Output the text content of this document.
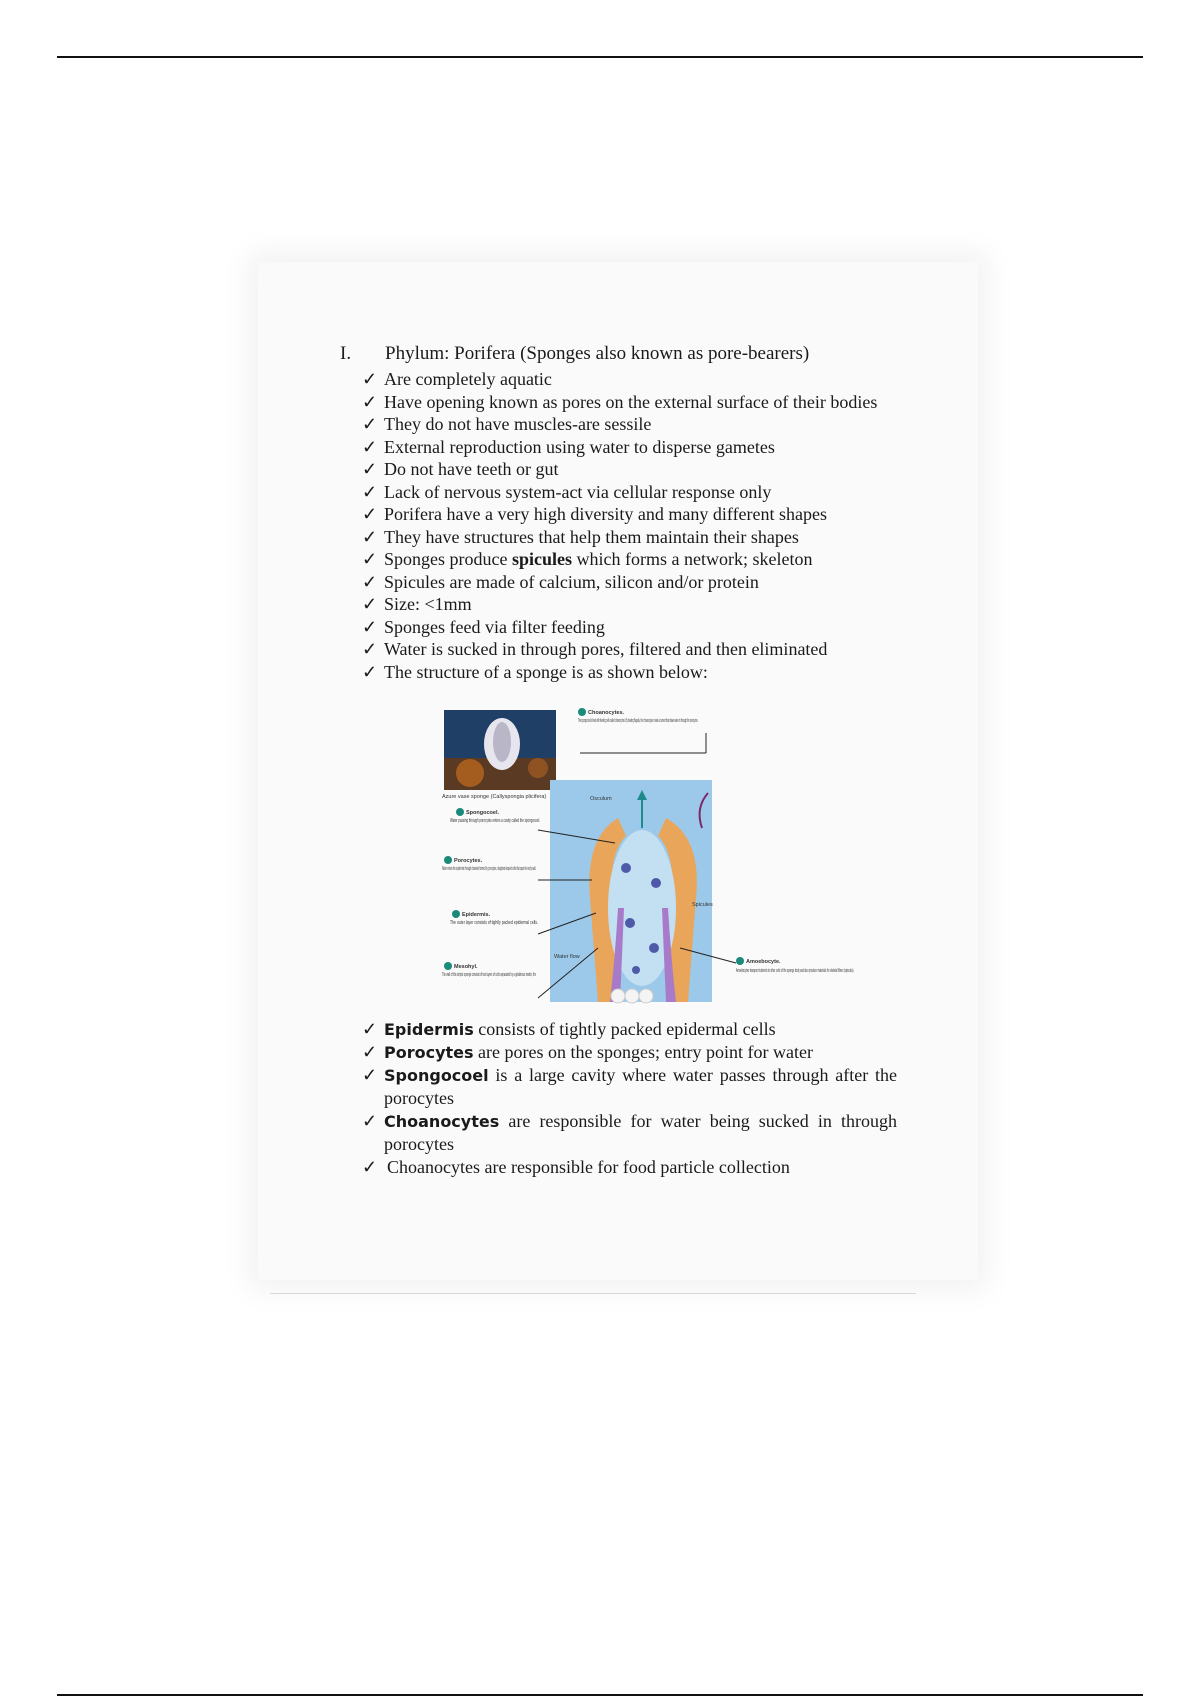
I. Phylum: Porifera (Sponges also known as pore-bearers)
✓ Are completely aquatic
✓ Have opening known as pores on the external surface of their bodies
✓ They do not have muscles-are sessile
✓ External reproduction using water to disperse gametes
✓ Do not have teeth or gut
✓ Lack of nervous system-act via cellular response only
✓ Porifera have a very high diversity and many different shapes
✓ They have structures that help them maintain their shapes
✓ Sponges produce spicules which forms a network; skeleton
✓ Spicules are made of calcium, silicon and/or protein
✓ Size: <1mm
✓ Sponges feed via filter feeding
✓ Water is sucked in through pores, filtered and then eliminated
✓ The structure of a sponge is as shown below:
Azure vase sponge (Callyspongia plicifera)	Osculum
Spicules
Water flow
Choanocytes.
The spongocoel is lined with feeding cells called choanocytes. By beating flagella, the choanocytes create a current that draws water in through the porocytes.
Spongocoel.
Water passing through porocytes enters a cavity called the spongocoel.
Porocytes.
Water enters the epidermis through channels formed by porocytes, doughnut-shaped cells that span the body wall.
Epidermis.
The outer layer consists of tightly packed epidermal cells.
Mesohyl.
The wall of this simple sponge consists of two layers of cells separated by a gelatinous matrix, the
Amoebocyte.
Amoebocytes transport nutrients to other cells of the sponge body and also produce materials for skeletal fibers (spicules).
✓ Epidermis consists of tightly packed epidermal cells
✓ Porocytes are pores on the sponges; entry point for water
✓ Spongocoel is a large cavity where water passes through after the porocytes
✓ Choanocytes are responsible for water being sucked in through porocytes
✓ Choanocytes are responsible for food particle collection
